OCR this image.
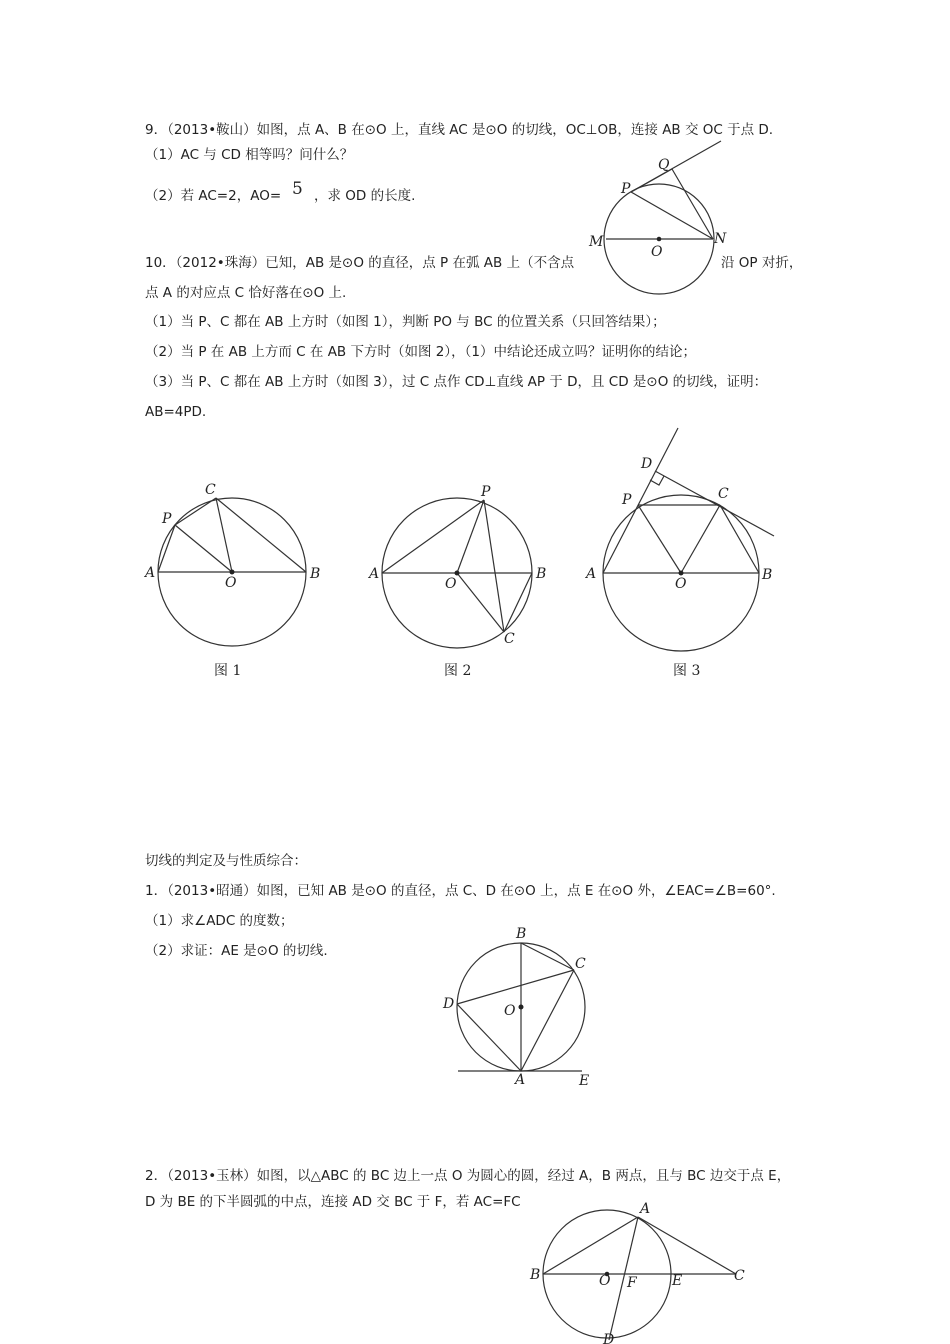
9．（2013•鞍山）如图，点 A、B 在⊙O 上，直线 AC 是⊙O 的切线，OC⊥OB，连接 AB 交 OC 于点 D.
（1）AC 与 CD 相等吗？问什么？
（2）若 AC=2，AO= 5 ，求 OD 的长度.
10．（2012•珠海）已知，AB 是⊙O 的直径，点 P 在弧 AB 上（不含点	沿 OP 对折，
点 A 的对应点 C 恰好落在⊙O 上.
（1）当 P、C 都在 AB 上方时（如图 1），判断 PO 与 BC 的位置关系（只回答结果）；
（2）当 P 在 AB 上方而 C 在 AB 下方时（如图 2），（1）中结论还成立吗？证明你的结论；
（3）当 P、C 都在 AB 上方时（如图 3），过 C 点作 CD⊥直线 AP 于 D，且 CD 是⊙O 的切线，证明：
AB=4PD.
切线的判定及与性质综合：
1．（2013•昭通）如图，已知 AB 是⊙O 的直径，点 C、D 在⊙O 上，点 E 在⊙O 外，∠EAC=∠B=60°.
（1）求∠ADC 的度数；
（2）求证：AE 是⊙O 的切线.
2．（2013•玉林）如图，以△ABC 的 BC 边上一点 O 为圆心的圆，经过 A，B 两点，且与 BC 边交于点 E，
D 为 BE 的下半圆弧的中点，连接 AD 交 BC 于 F，若 AC=FC
Q
P
M
O
N
A	B
C
P
O
图 1
A	B
P
O
C
图 2
A	B
P	C
D
O
图 3
B
C
D	O
A	E
A
B	O F	E	C
D
